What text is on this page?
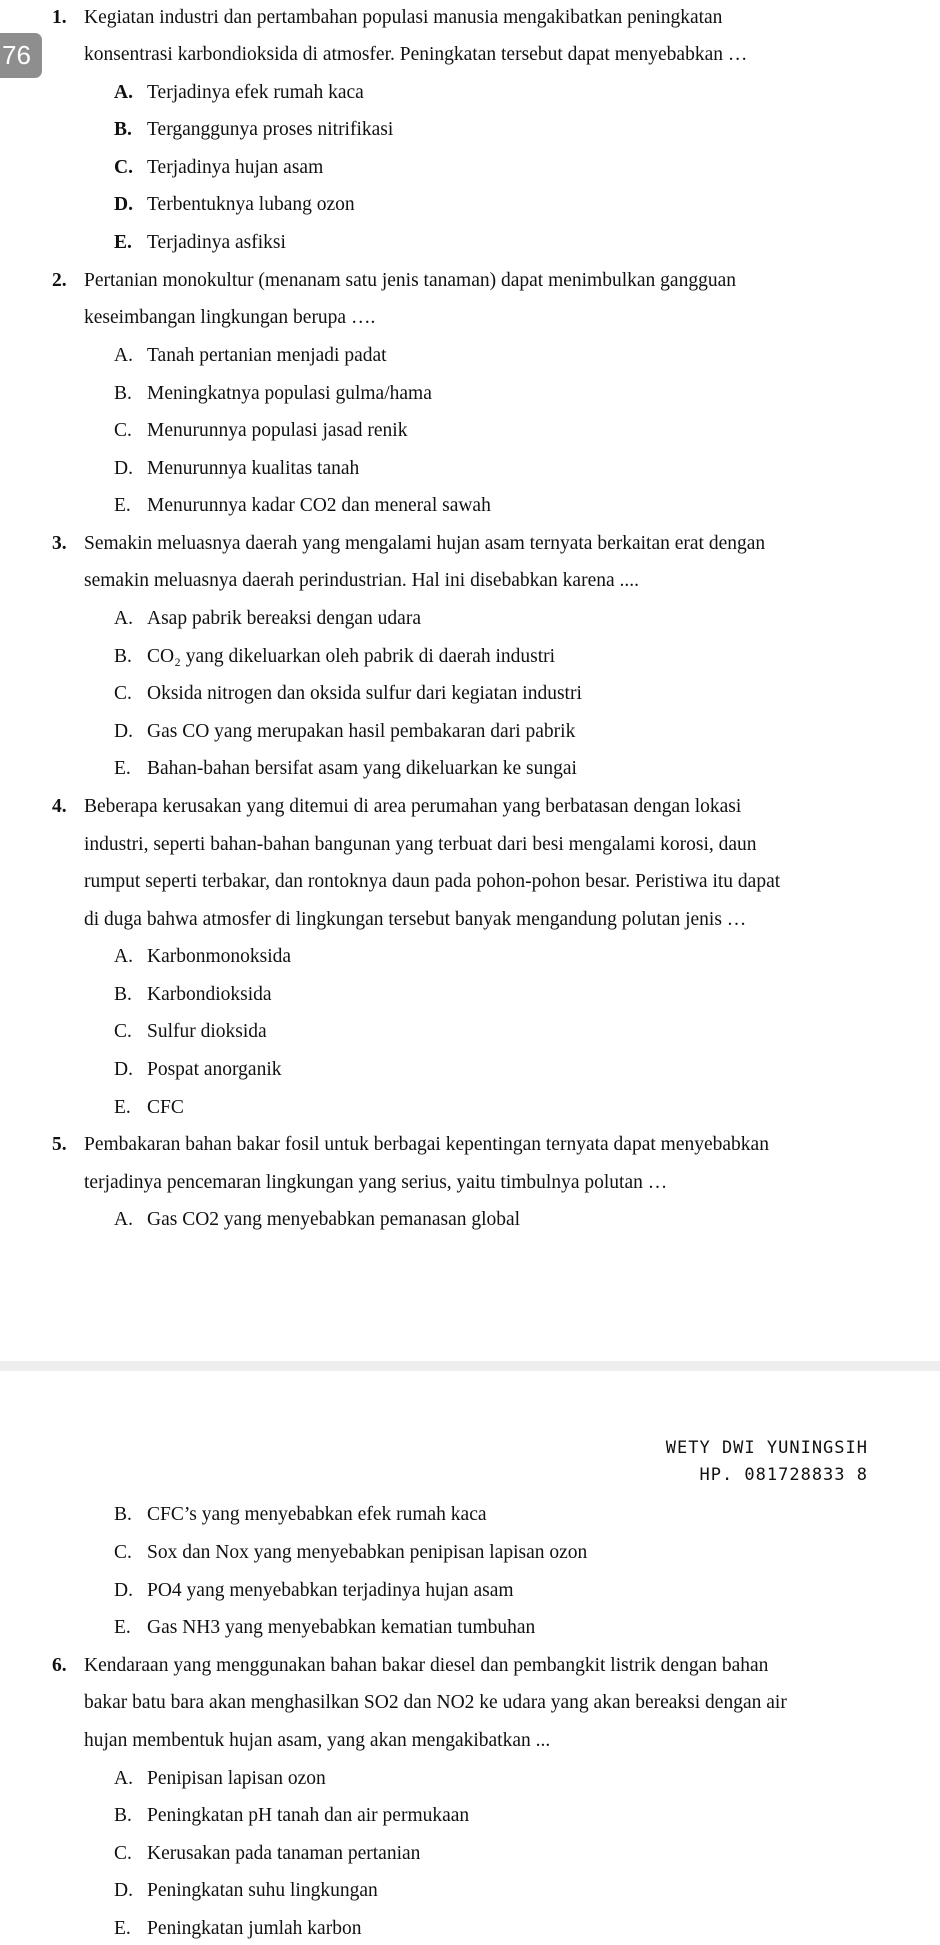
76
1. Kegiatan industri dan pertambahan populasi manusia mengakibatkan peningkatan
konsentrasi karbondioksida di atmosfer. Peningkatan tersebut dapat menyebabkan …
A. Terjadinya efek rumah kaca
B. Terganggunya proses nitrifikasi
C. Terjadinya hujan asam
D. Terbentuknya lubang ozon
E. Terjadinya asfiksi
2. Pertanian monokultur (menanam satu jenis tanaman) dapat menimbulkan gangguan
keseimbangan lingkungan berupa ….
A. Tanah pertanian menjadi padat
B. Meningkatnya populasi gulma/hama
C. Menurunnya populasi jasad renik
D. Menurunnya kualitas tanah
E. Menurunnya kadar CO2 dan meneral sawah
3. Semakin meluasnya daerah yang mengalami hujan asam ternyata berkaitan erat dengan
semakin meluasnya daerah perindustrian. Hal ini disebabkan karena ....
A. Asap pabrik bereaksi dengan udara
B. CO₂ yang dikeluarkan oleh pabrik di daerah industri
C. Oksida nitrogen dan oksida sulfur dari kegiatan industri
D. Gas CO yang merupakan hasil pembakaran dari pabrik
E. Bahan-bahan bersifat asam yang dikeluarkan ke sungai
4. Beberapa kerusakan yang ditemui di area perumahan yang berbatasan dengan lokasi
industri, seperti bahan-bahan bangunan yang terbuat dari besi mengalami korosi, daun
rumput seperti terbakar, dan rontoknya daun pada pohon-pohon besar. Peristiwa itu dapat
di duga bahwa atmosfer di lingkungan tersebut banyak mengandung polutan jenis …
A. Karbonmonoksida
B. Karbondioksida
C. Sulfur dioksida
D. Pospat anorganik
E. CFC
5. Pembakaran bahan bakar fosil untuk berbagai kepentingan ternyata dapat menyebabkan
terjadinya pencemaran lingkungan yang serius, yaitu timbulnya polutan …
A. Gas CO2 yang menyebabkan pemanasan global
WETY DWI YUNINGSIH
HP. 081728833 8
B. CFC’s yang menyebabkan efek rumah kaca
C. Sox dan Nox yang menyebabkan penipisan lapisan ozon
D. PO4 yang menyebabkan terjadinya hujan asam
E. Gas NH3 yang menyebabkan kematian tumbuhan
6. Kendaraan yang menggunakan bahan bakar diesel dan pembangkit listrik dengan bahan
bakar batu bara akan menghasilkan SO2 dan NO2 ke udara yang akan bereaksi dengan air
hujan membentuk hujan asam, yang akan mengakibatkan ...
A. Penipisan lapisan ozon
B. Peningkatan pH tanah dan air permukaan
C. Kerusakan pada tanaman pertanian
D. Peningkatan suhu lingkungan
E. Peningkatan jumlah karbon
